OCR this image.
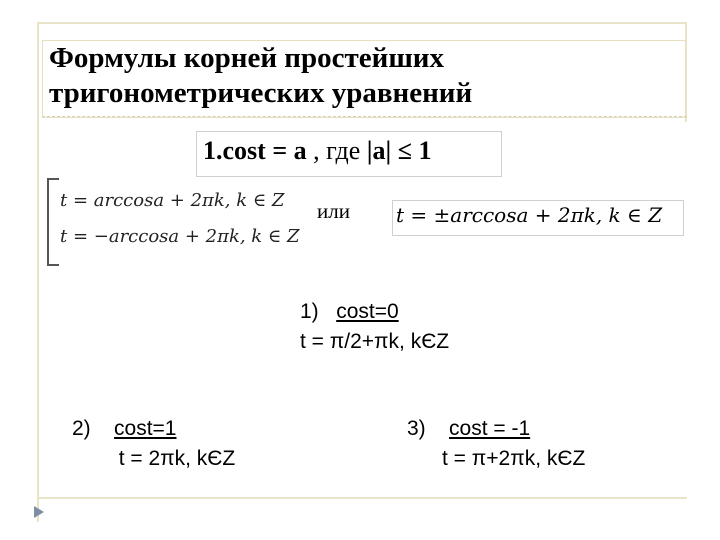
Формулы корней простейших
тригонометрических уравнений
1.cost = a , где |a| ≤ 1
t = arccosa + 2πk, k ∈ Z
t = −arccosa + 2πk, k ∈ Z
или t = ±arccosa + 2πk, k ∈ Z
1) cost=0
t = π/2+πk, kЄZ
2) cost=1
t = 2πk, kЄZ
3) cost = -1
t = π+2πk, kЄZ
